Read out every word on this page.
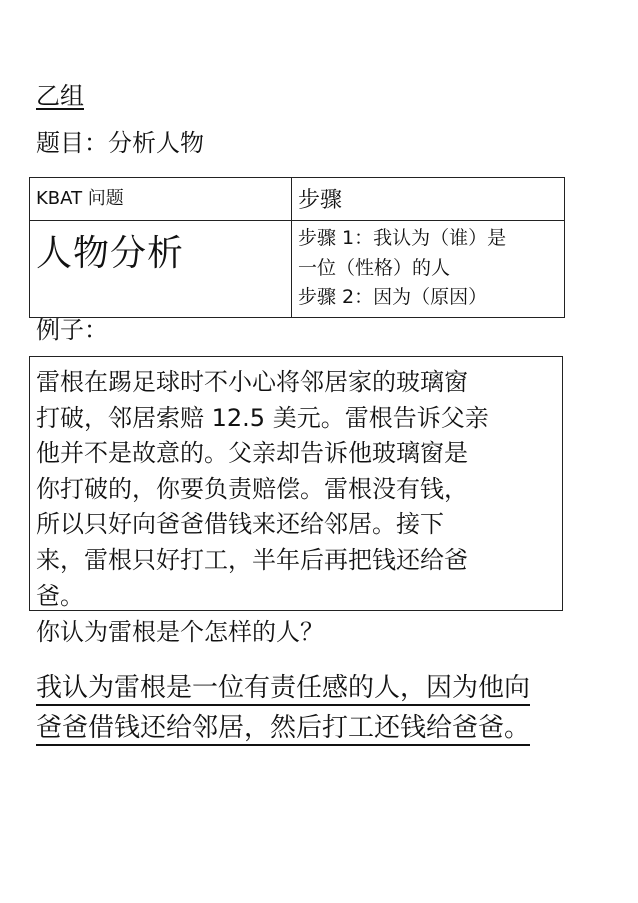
乙组
题目：分析人物
KBAT 问题	步骤
人物分析	步骤 1：我认为（谁）是
一位（性格）的人
步骤 2：因为（原因）
例子：
雷根在踢足球时不小心将邻居家的玻璃窗
打破，邻居索赔 12.5 美元。雷根告诉父亲
他并不是故意的。父亲却告诉他玻璃窗是
你打破的，你要负责赔偿。雷根没有钱，
所以只好向爸爸借钱来还给邻居。接下
来，雷根只好打工，半年后再把钱还给爸
爸。
你认为雷根是个怎样的人？
我认为雷根是一位有责任感的人，因为他向
爸爸借钱还给邻居，然后打工还钱给爸爸。
